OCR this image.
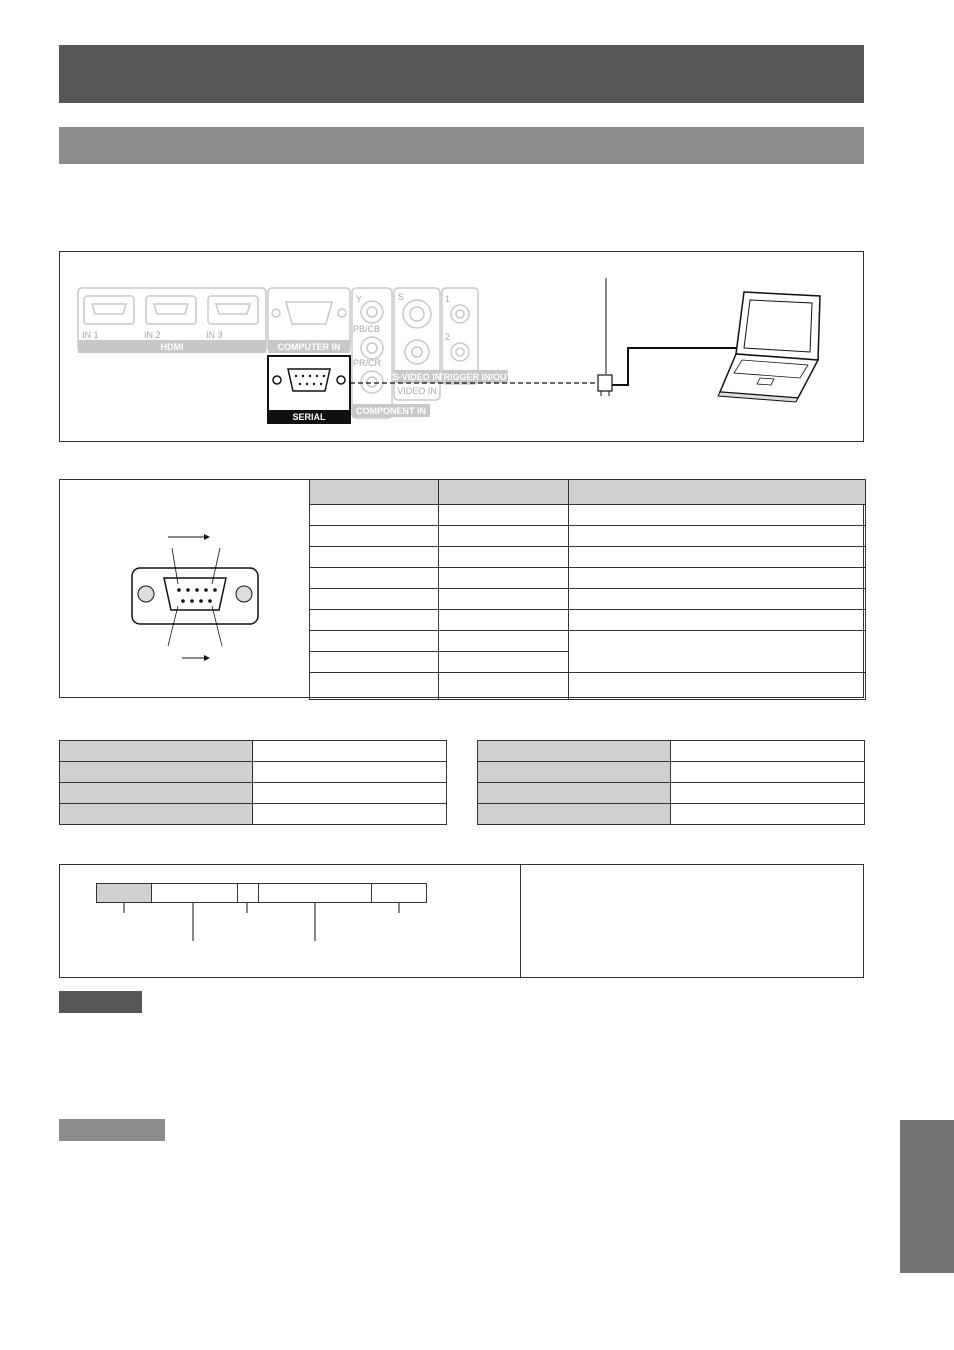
IN 1	IN 2	IN 3
HDMI	COMPUTER IN
SERIAL
Y
PB/CB
PR/CR
COMPONENT IN
S
S-VIDEO IN
VIDEO IN
1
2
TRIGGER IN/OUT
